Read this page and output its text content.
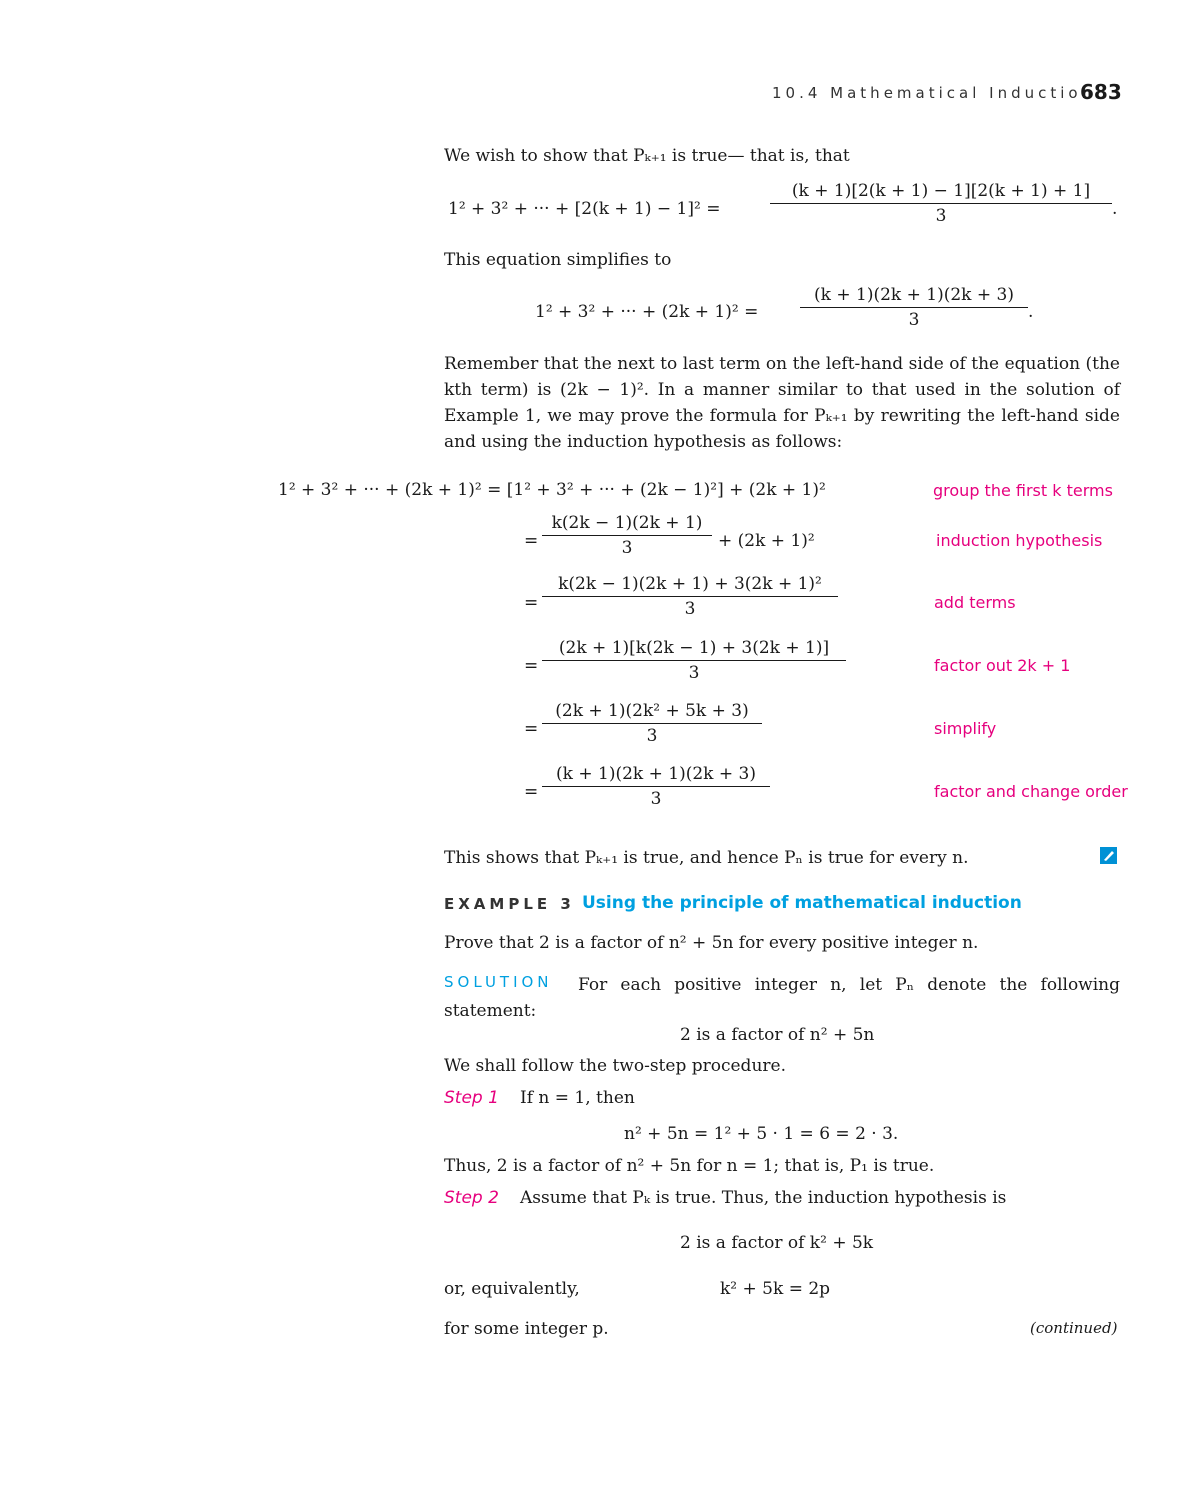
10.4 Mathematical Induction
683
We wish to show that Pₖ₊₁ is true— that is, that
1² + 3² + ··· + [2(k + 1) − 1]² =	$\frac{(k + 1)[2(k + 1) - 1][2(k + 1) + 1]}{3}$ .
This equation simplifies to
1² + 3² + ··· + $(2k + 1)^2 = \frac{(k + 1)(2k + 1)(2k + 3)}{3}$ .
Remember that the next to last term on the left-hand side of the equation (the kth term) is (2k − 1)². In a manner similar to that used in the solution of Example 1, we may prove the formula for Pₖ₊₁ by rewriting the left-hand side and using the induction hypothesis as follows:
1² + 3² + ··· + (2k + 1)² = [1² + 3² + ··· + (2k − 1)²] + (2k + 1)²	group the first k terms
= $\frac{k(2k - 1)(2k + 1)}{3} + (2k + 1)^2$	induction hypothesis
= $\frac{\text{k(2k − 1)(2k + 1) + 3(2k + 1)²}}{3}$	add terms
= $\frac{(2k + 1)[k(2k - 1) + 3(2k + 1)]}{3}$	factor out 2k + 1
= $\frac{\text{(2k + 1)(2k² + 5k + 3)}}{3}$	simplify
= $\frac{(k + 1)(2k + 1)(2k + 3)}{3}$	factor and change order
This shows that Pₖ₊₁ is true, and hence Pₙ is true for every n.
EXAMPLE 3 Using the principle of mathematical induction
Prove that 2 is a factor of n² + 5n for every positive integer n.
SOLUTION	For each positive integer n, let Pₙ denote the following statement:
2 is a factor of n² + 5n
We shall follow the two-step procedure.
Step 1 If n = 1, then
n² + 5n = 1² + 5 · 1 = 6 = 2 · 3.
Thus, 2 is a factor of n² + 5n for n = 1; that is, P₁ is true.
Step 2 Assume that Pₖ is true. Thus, the induction hypothesis is
2 is a factor of k² + 5k
or, equivalently,	k² + 5k = 2p
for some integer p.	(continued)
